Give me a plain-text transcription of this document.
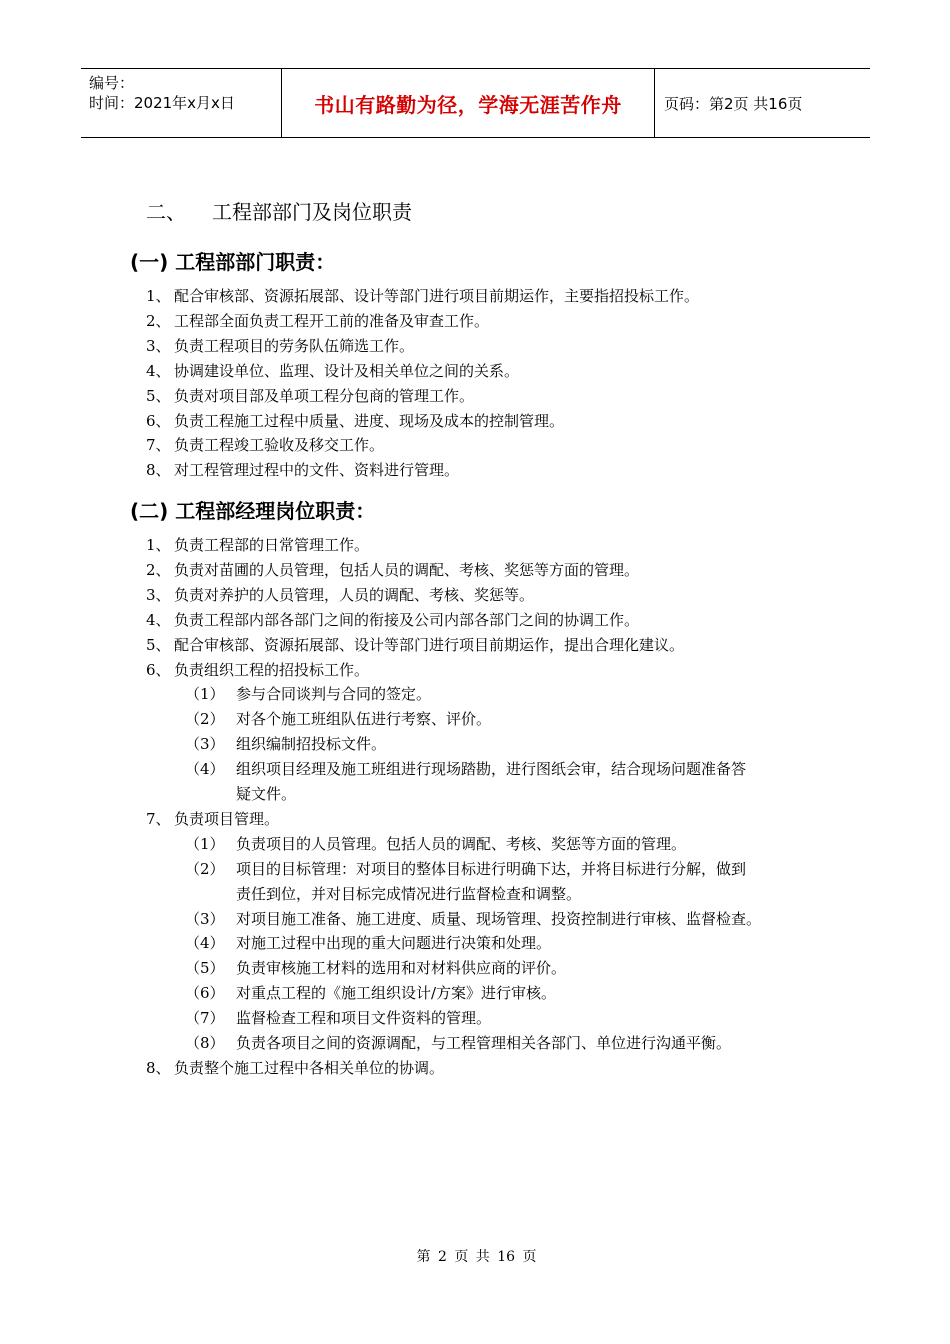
编号：
时间：2021年x月x日	书山有路勤为径，学海无涯苦作舟	页码：第2页 共16页
二、 工程部部门及岗位职责
(一) 工程部部门职责：
1、 配合审核部、资源拓展部、设计等部门进行项目前期运作，主要指招投标工作。
2、 工程部全面负责工程开工前的准备及审查工作。
3、 负责工程项目的劳务队伍筛选工作。
4、 协调建设单位、监理、设计及相关单位之间的关系。
5、 负责对项目部及单项工程分包商的管理工作。
6、 负责工程施工过程中质量、进度、现场及成本的控制管理。
7、 负责工程竣工验收及移交工作。
8、 对工程管理过程中的文件、资料进行管理。
(二) 工程部经理岗位职责：
1、 负责工程部的日常管理工作。
2、 负责对苗圃的人员管理，包括人员的调配、考核、奖惩等方面的管理。
3、 负责对养护的人员管理，人员的调配、考核、奖惩等。
4、 负责工程部内部各部门之间的衔接及公司内部各部门之间的协调工作。
5、 配合审核部、资源拓展部、设计等部门进行项目前期运作，提出合理化建议。
6、 负责组织工程的招投标工作。
（1） 参与合同谈判与合同的签定。
（2） 对各个施工班组队伍进行考察、评价。
（3） 组织编制招投标文件。
（4） 组织项目经理及施工班组进行现场踏勘，进行图纸会审，结合现场问题准备答
疑文件。
7、 负责项目管理。
（1） 负责项目的人员管理。包括人员的调配、考核、奖惩等方面的管理。
（2） 项目的目标管理：对项目的整体目标进行明确下达，并将目标进行分解，做到
责任到位，并对目标完成情况进行监督检查和调整。
（3） 对项目施工准备、施工进度、质量、现场管理、投资控制进行审核、监督检查。
（4） 对施工过程中出现的重大问题进行决策和处理。
（5） 负责审核施工材料的选用和对材料供应商的评价。
（6） 对重点工程的《施工组织设计/方案》进行审核。
（7） 监督检查工程和项目文件资料的管理。
（8） 负责各项目之间的资源调配，与工程管理相关各部门、单位进行沟通平衡。
8、 负责整个施工过程中各相关单位的协调。
第 2 页 共 16 页
